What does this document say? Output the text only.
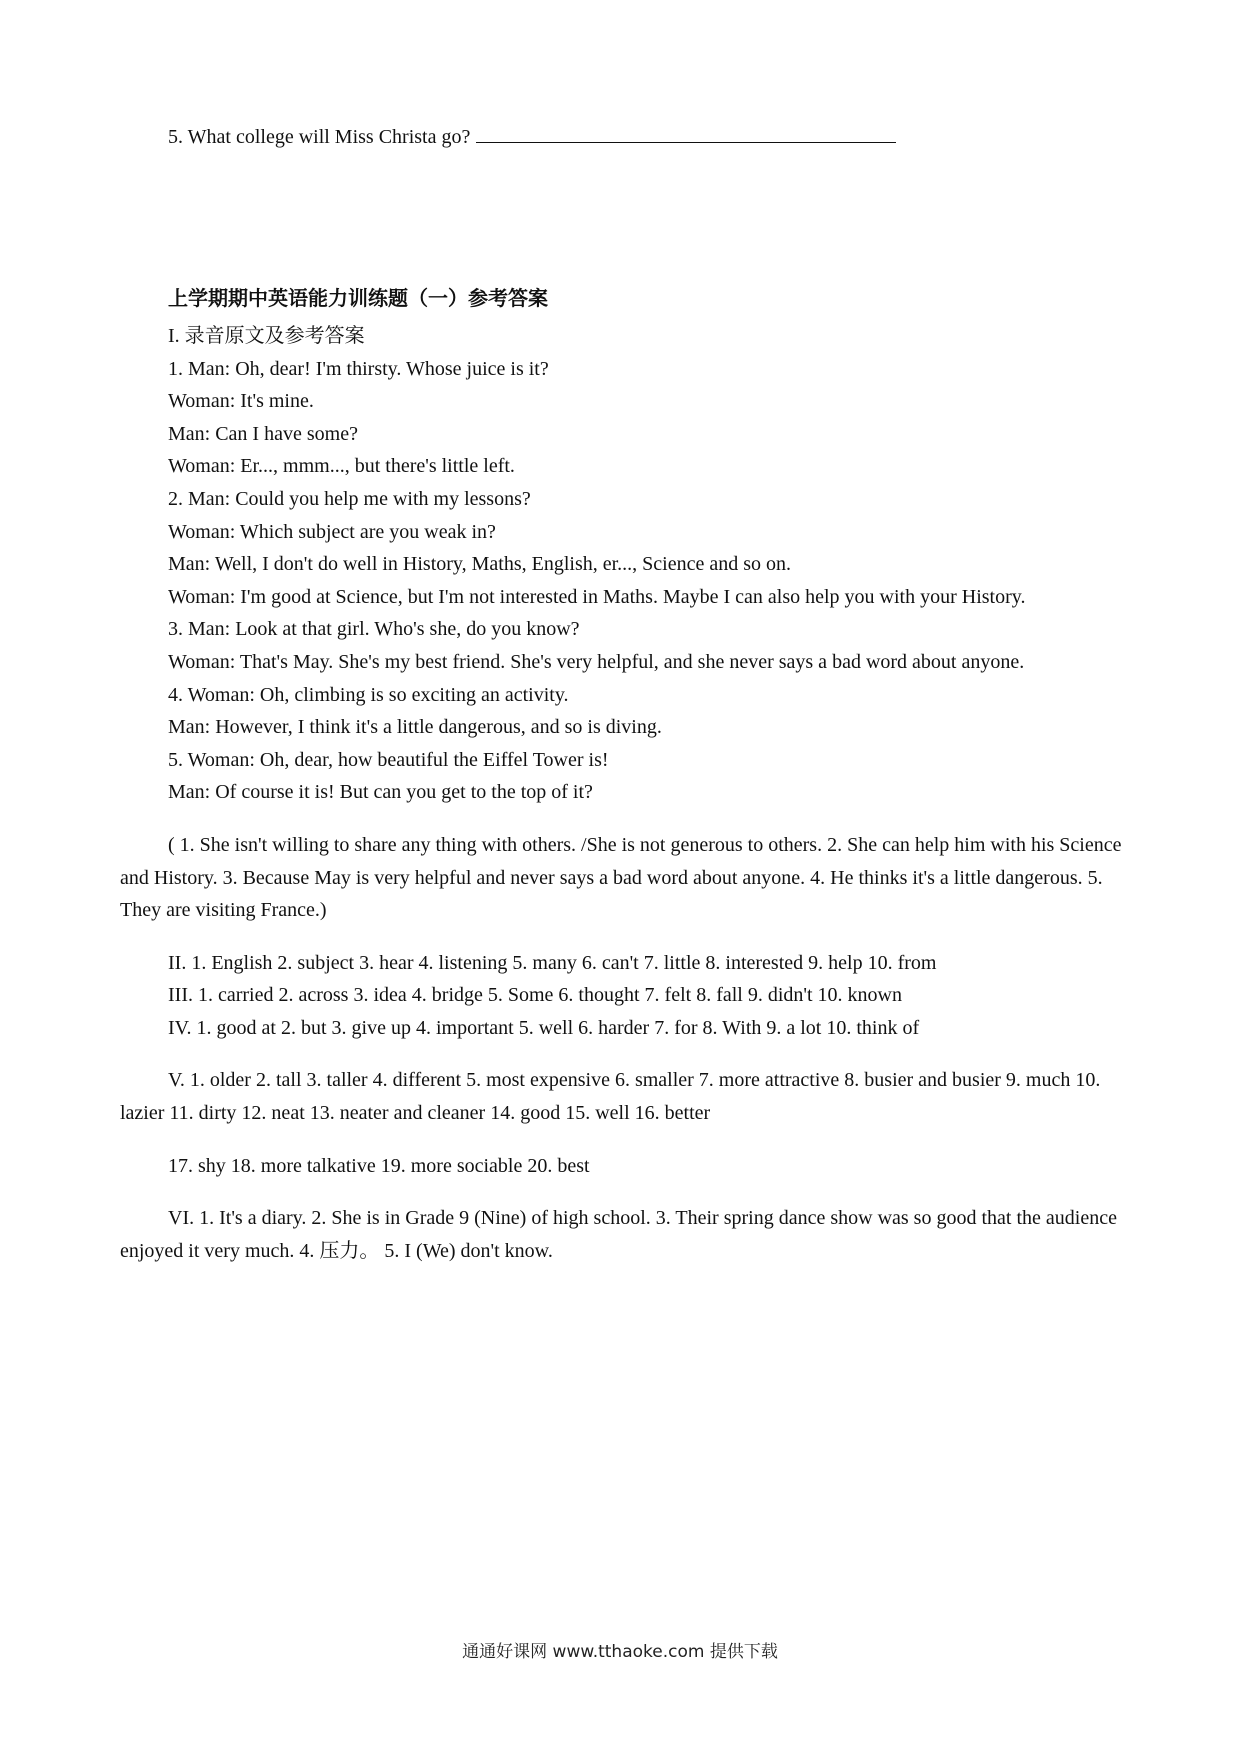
5. What college will Miss Christa go?
上学期期中英语能力训练题（一）参考答案

I. 录音原文及参考答案

1. Man: Oh, dear! I'm thirsty. Whose juice is it?

Woman: It's mine.

Man: Can I have some?

Woman: Er..., mmm..., but there's little left.

2. Man: Could you help me with my lessons?

Woman: Which subject are you weak in?

Man: Well, I don't do well in History, Maths, English, er..., Science and so on.

Woman: I'm good at Science, but I'm not interested in Maths. Maybe I can also help you with your History.

3. Man: Look at that girl. Who's she, do you know?

Woman: That's May. She's my best friend. She's very helpful, and she never says a bad word about anyone.

4. Woman: Oh, climbing is so exciting an activity.

Man: However, I think it's a little dangerous, and so is diving.

5. Woman: Oh, dear, how beautiful the Eiffel Tower is!

Man: Of course it is! But can you get to the top of it?

( 1. She isn't willing to share any thing with others. /She is not generous to others. 2. She can help him with his Science and History. 3. Because May is very helpful and never says a bad word about anyone. 4. He thinks it's a little dangerous. 5. They are visiting France.)

II. 1. English 2. subject 3. hear 4. listening 5. many 6. can't 7. little 8. interested 9. help 10. from

III. 1. carried 2. across 3. idea 4. bridge 5. Some 6. thought 7. felt 8. fall 9. didn't 10. known

IV. 1. good at 2. but 3. give up 4. important 5. well 6. harder 7. for 8. With 9. a lot 10. think of

V. 1. older 2. tall 3. taller 4. different 5. most expensive 6. smaller 7. more attractive 8. busier and busier 9. much 10. lazier 11. dirty 12. neat 13. neater and cleaner 14. good 15. well 16. better

17. shy 18. more talkative 19. more sociable 20. best

VI. 1. It's a diary. 2. She is in Grade 9 (Nine) of high school. 3. Their spring dance show was so good that the audience enjoyed it very much. 4. 压力。 5. I (We) don't know.

通通好课网 www.tthaoke.com 提供下载
